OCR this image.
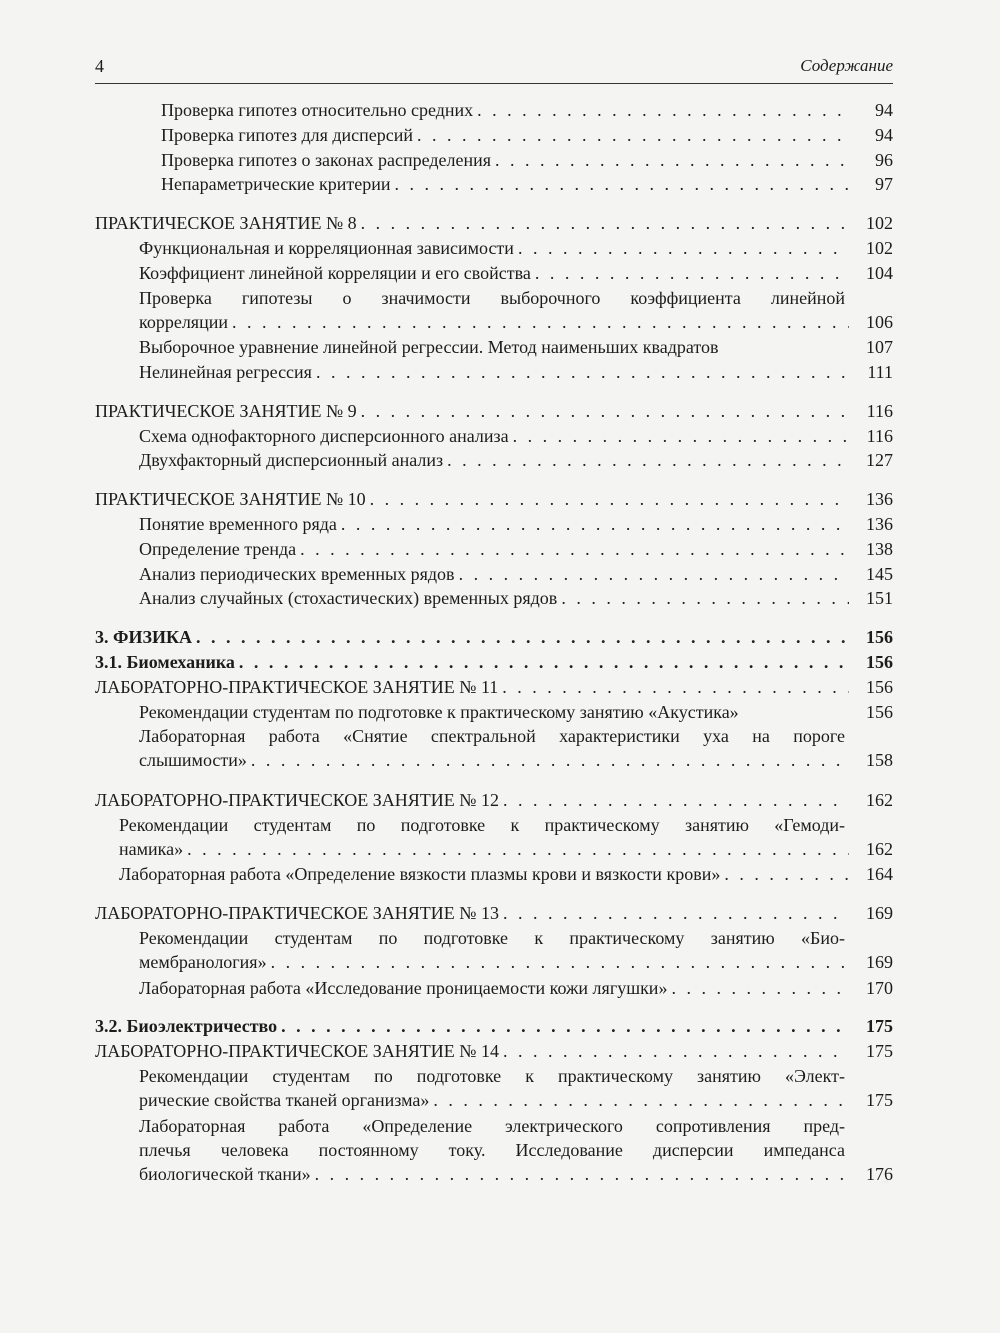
4	Содержание
Проверка гипотез относительно средних . . .	94
Проверка гипотез для дисперсий . . .	94
Проверка гипотез о законах распределения . . .	96
Непараметрические критерии . . .	97
ПРАКТИЧЕСКОЕ ЗАНЯТИЕ № 8 . . .	102
Функциональная и корреляционная зависимости . . .	102
Коэффициент линейной корреляции и его свойства . . .	104
Проверка гипотезы о значимости выборочного коэффициента линейной
корреляции . . .	106
Выборочное уравнение линейной регрессии. Метод наименьших квадратов	107
Нелинейная регрессия . . .	111
ПРАКТИЧЕСКОЕ ЗАНЯТИЕ № 9 . . .	116
Схема однофакторного дисперсионного анализа . . .	116
Двухфакторный дисперсионный анализ . . .	127
ПРАКТИЧЕСКОЕ ЗАНЯТИЕ № 10 . . .	136
Понятие временного ряда . . .	136
Определение тренда . . .	138
Анализ периодических временных рядов . . .	145
Анализ случайных (стохастических) временных рядов . . .	151
3. ФИЗИКА . . .	156
3.1. Биомеханика . . .	156
ЛАБОРАТОРНО-ПРАКТИЧЕСКОЕ ЗАНЯТИЕ № 11 . . .	156
Рекомендации студентам по подготовке к практическому занятию «Акустика»	156
Лабораторная работа «Снятие спектральной характеристики уха на пороге
слышимости» . . .	158
ЛАБОРАТОРНО-ПРАКТИЧЕСКОЕ ЗАНЯТИЕ № 12 . . .	162
Рекомендации студентам по подготовке к практическому занятию «Гемоди-
намика» . . .	162
Лабораторная работа «Определение вязкости плазмы крови и вязкости крови» . . .	164
ЛАБОРАТОРНО-ПРАКТИЧЕСКОЕ ЗАНЯТИЕ № 13 . . .	169
Рекомендации студентам по подготовке к практическому занятию «Био-
мембранология» . . .	169
Лабораторная работа «Исследование проницаемости кожи лягушки» . . .	170
3.2. Биоэлектричество . . .	175
ЛАБОРАТОРНО-ПРАКТИЧЕСКОЕ ЗАНЯТИЕ № 14 . . .	175
Рекомендации студентам по подготовке к практическому занятию «Элект-
рические свойства тканей организма» . . .	175
Лабораторная работа «Определение электрического сопротивления пред-
плечья человека постоянному току. Исследование дисперсии импеданса
биологической ткани» . . .	176
